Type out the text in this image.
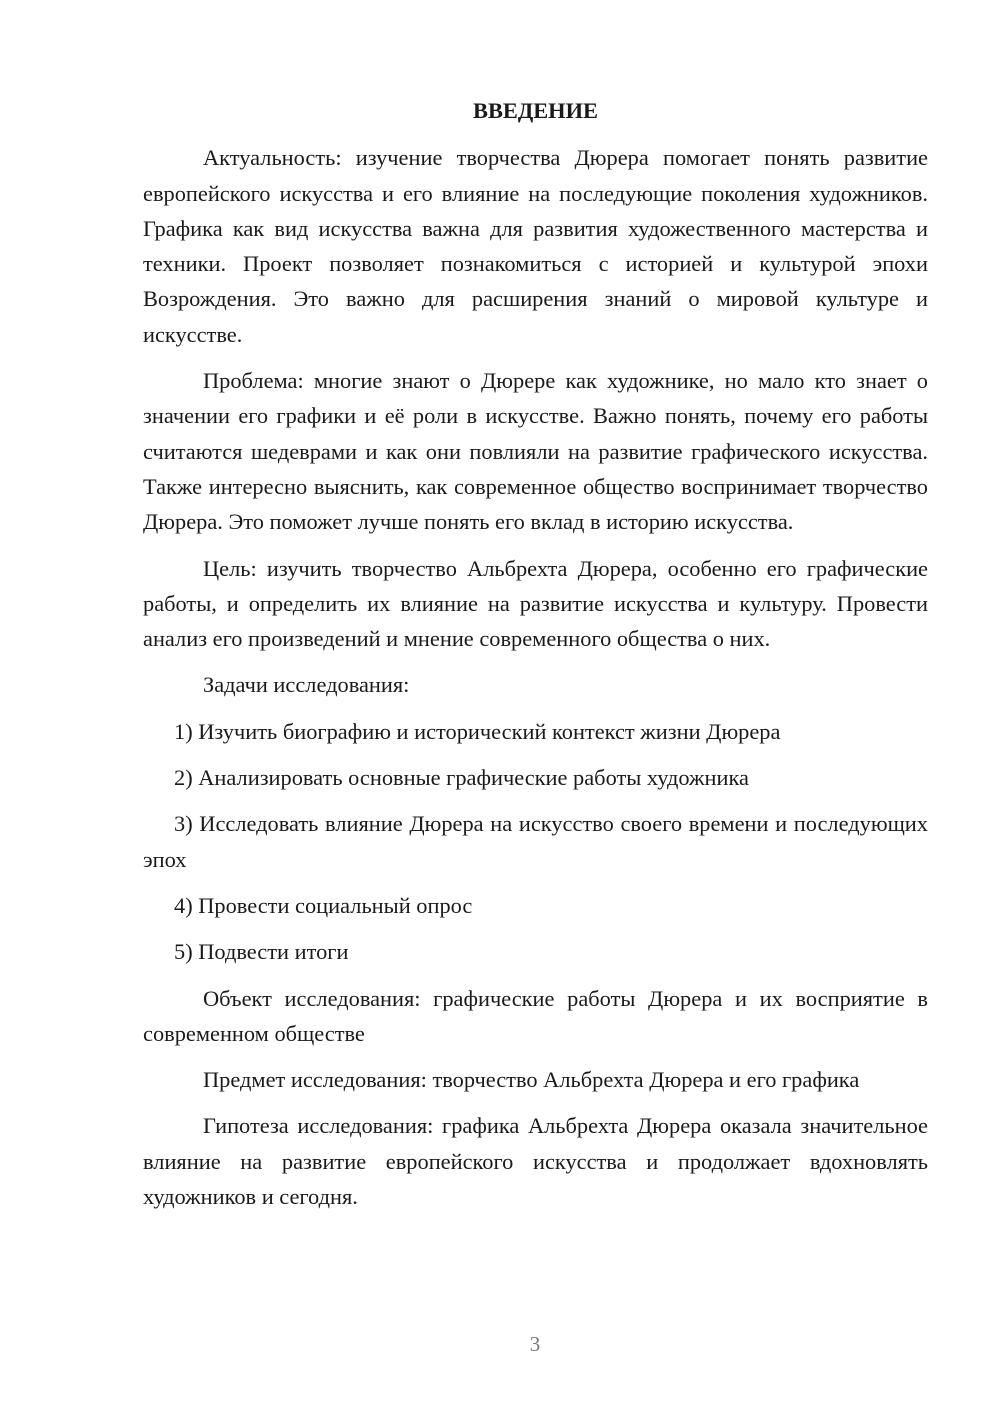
ВВЕДЕНИЕ

Актуальность: изучение творчества Дюрера помогает понять развитие европейского искусства и его влияние на последующие поколения художников. Графика как вид искусства важна для развития художественного мастерства и техники. Проект позволяет познакомиться с историей и культурой эпохи Возрождения. Это важно для расширения знаний о мировой культуре и искусстве.

Проблема: многие знают о Дюрере как художнике, но мало кто знает о значении его графики и её роли в искусстве. Важно понять, почему его работы считаются шедеврами и как они повлияли на развитие графического искусства. Также интересно выяснить, как современное общество воспринимает творчество Дюрера. Это поможет лучше понять его вклад в историю искусства.

Цель: изучить творчество Альбрехта Дюрера, особенно его графические работы, и определить их влияние на развитие искусства и культуру. Провести анализ его произведений и мнение современного общества о них.

Задачи исследования:

1) Изучить биографию и исторический контекст жизни Дюрера

2) Анализировать основные графические работы художника

3) Исследовать влияние Дюрера на искусство своего времени и последующих эпох

4) Провести социальный опрос

5) Подвести итоги

Объект исследования: графические работы Дюрера и их восприятие в современном обществе

Предмет исследования: творчество Альбрехта Дюрера и его графика

Гипотеза исследования: графика Альбрехта Дюрера оказала значительное влияние на развитие европейского искусства и продолжает вдохновлять художников и сегодня.

3
